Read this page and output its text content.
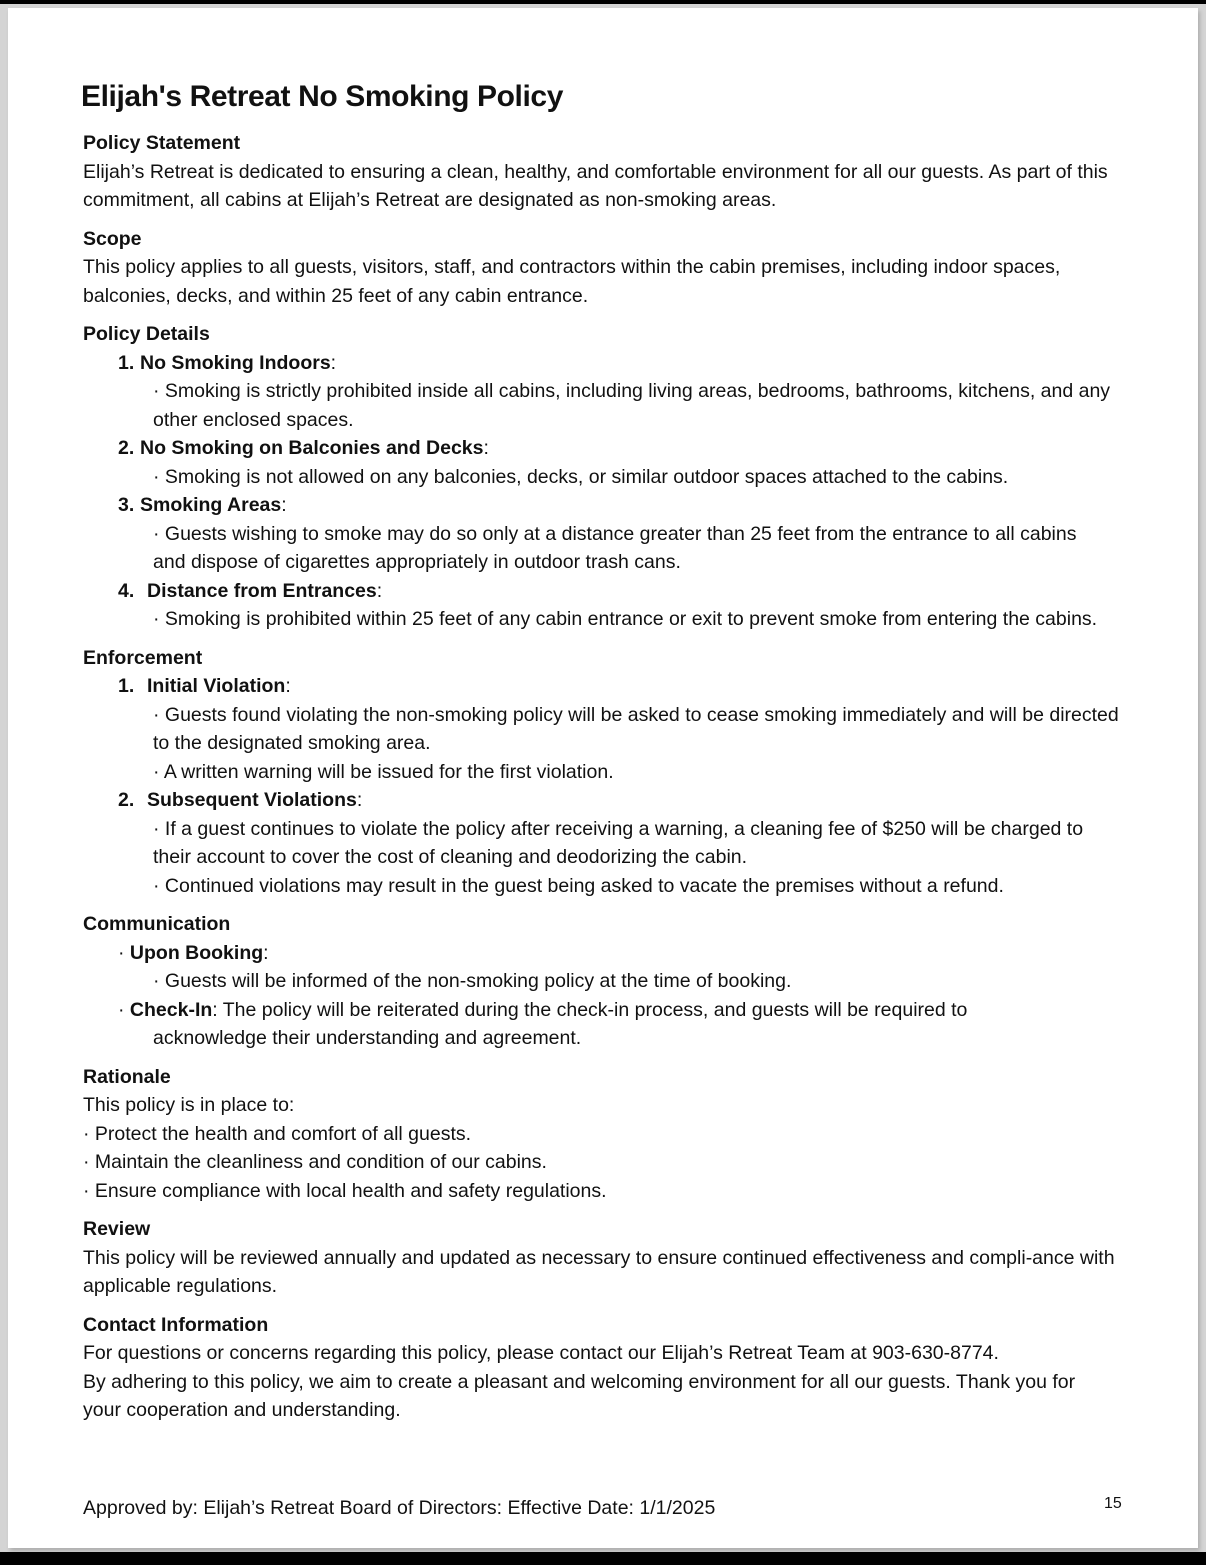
Elijah's Retreat No Smoking Policy
Policy Statement
Elijah’s Retreat is dedicated to ensuring a clean, healthy, and comfortable environment for all our guests. As part of this commitment, all cabins at Elijah’s Retreat are designated as non-smoking areas.
Scope
This policy applies to all guests, visitors, staff, and contractors within the cabin premises, including indoor spaces, balconies, decks, and within 25 feet of any cabin entrance.
Policy Details
1. No Smoking Indoors:
· Smoking is strictly prohibited inside all cabins, including living areas, bedrooms, bathrooms, kitchens, and any other enclosed spaces.
2. No Smoking on Balconies and Decks:
· Smoking is not allowed on any balconies, decks, or similar outdoor spaces attached to the cabins.
3. Smoking Areas:
· Guests wishing to smoke may do so only at a distance greater than 25 feet from the entrance to all cabins and dispose of cigarettes appropriately in outdoor trash cans.
4. Distance from Entrances:
· Smoking is prohibited within 25 feet of any cabin entrance or exit to prevent smoke from entering the cabins.
Enforcement
1. Initial Violation:
· Guests found violating the non-smoking policy will be asked to cease smoking immediately and will be directed to the designated smoking area.
· A written warning will be issued for the first violation.
2. Subsequent Violations:
· If a guest continues to violate the policy after receiving a warning, a cleaning fee of $250 will be charged to their account to cover the cost of cleaning and deodorizing the cabin.
· Continued violations may result in the guest being asked to vacate the premises without a refund.
Communication
· Upon Booking:
· Guests will be informed of the non-smoking policy at the time of booking.
· Check-In: The policy will be reiterated during the check-in process, and guests will be required to
acknowledge their understanding and agreement.
Rationale
This policy is in place to:
· Protect the health and comfort of all guests.
· Maintain the cleanliness and condition of our cabins.
· Ensure compliance with local health and safety regulations.
Review
This policy will be reviewed annually and updated as necessary to ensure continued effectiveness and compli-ance with applicable regulations.
Contact Information
For questions or concerns regarding this policy, please contact our Elijah’s Retreat Team at 903-630-8774.
By adhering to this policy, we aim to create a pleasant and welcoming environment for all our guests. Thank you for your cooperation and understanding.
Approved by: Elijah’s Retreat Board of Directors: Effective Date: 1/1/2025	15
